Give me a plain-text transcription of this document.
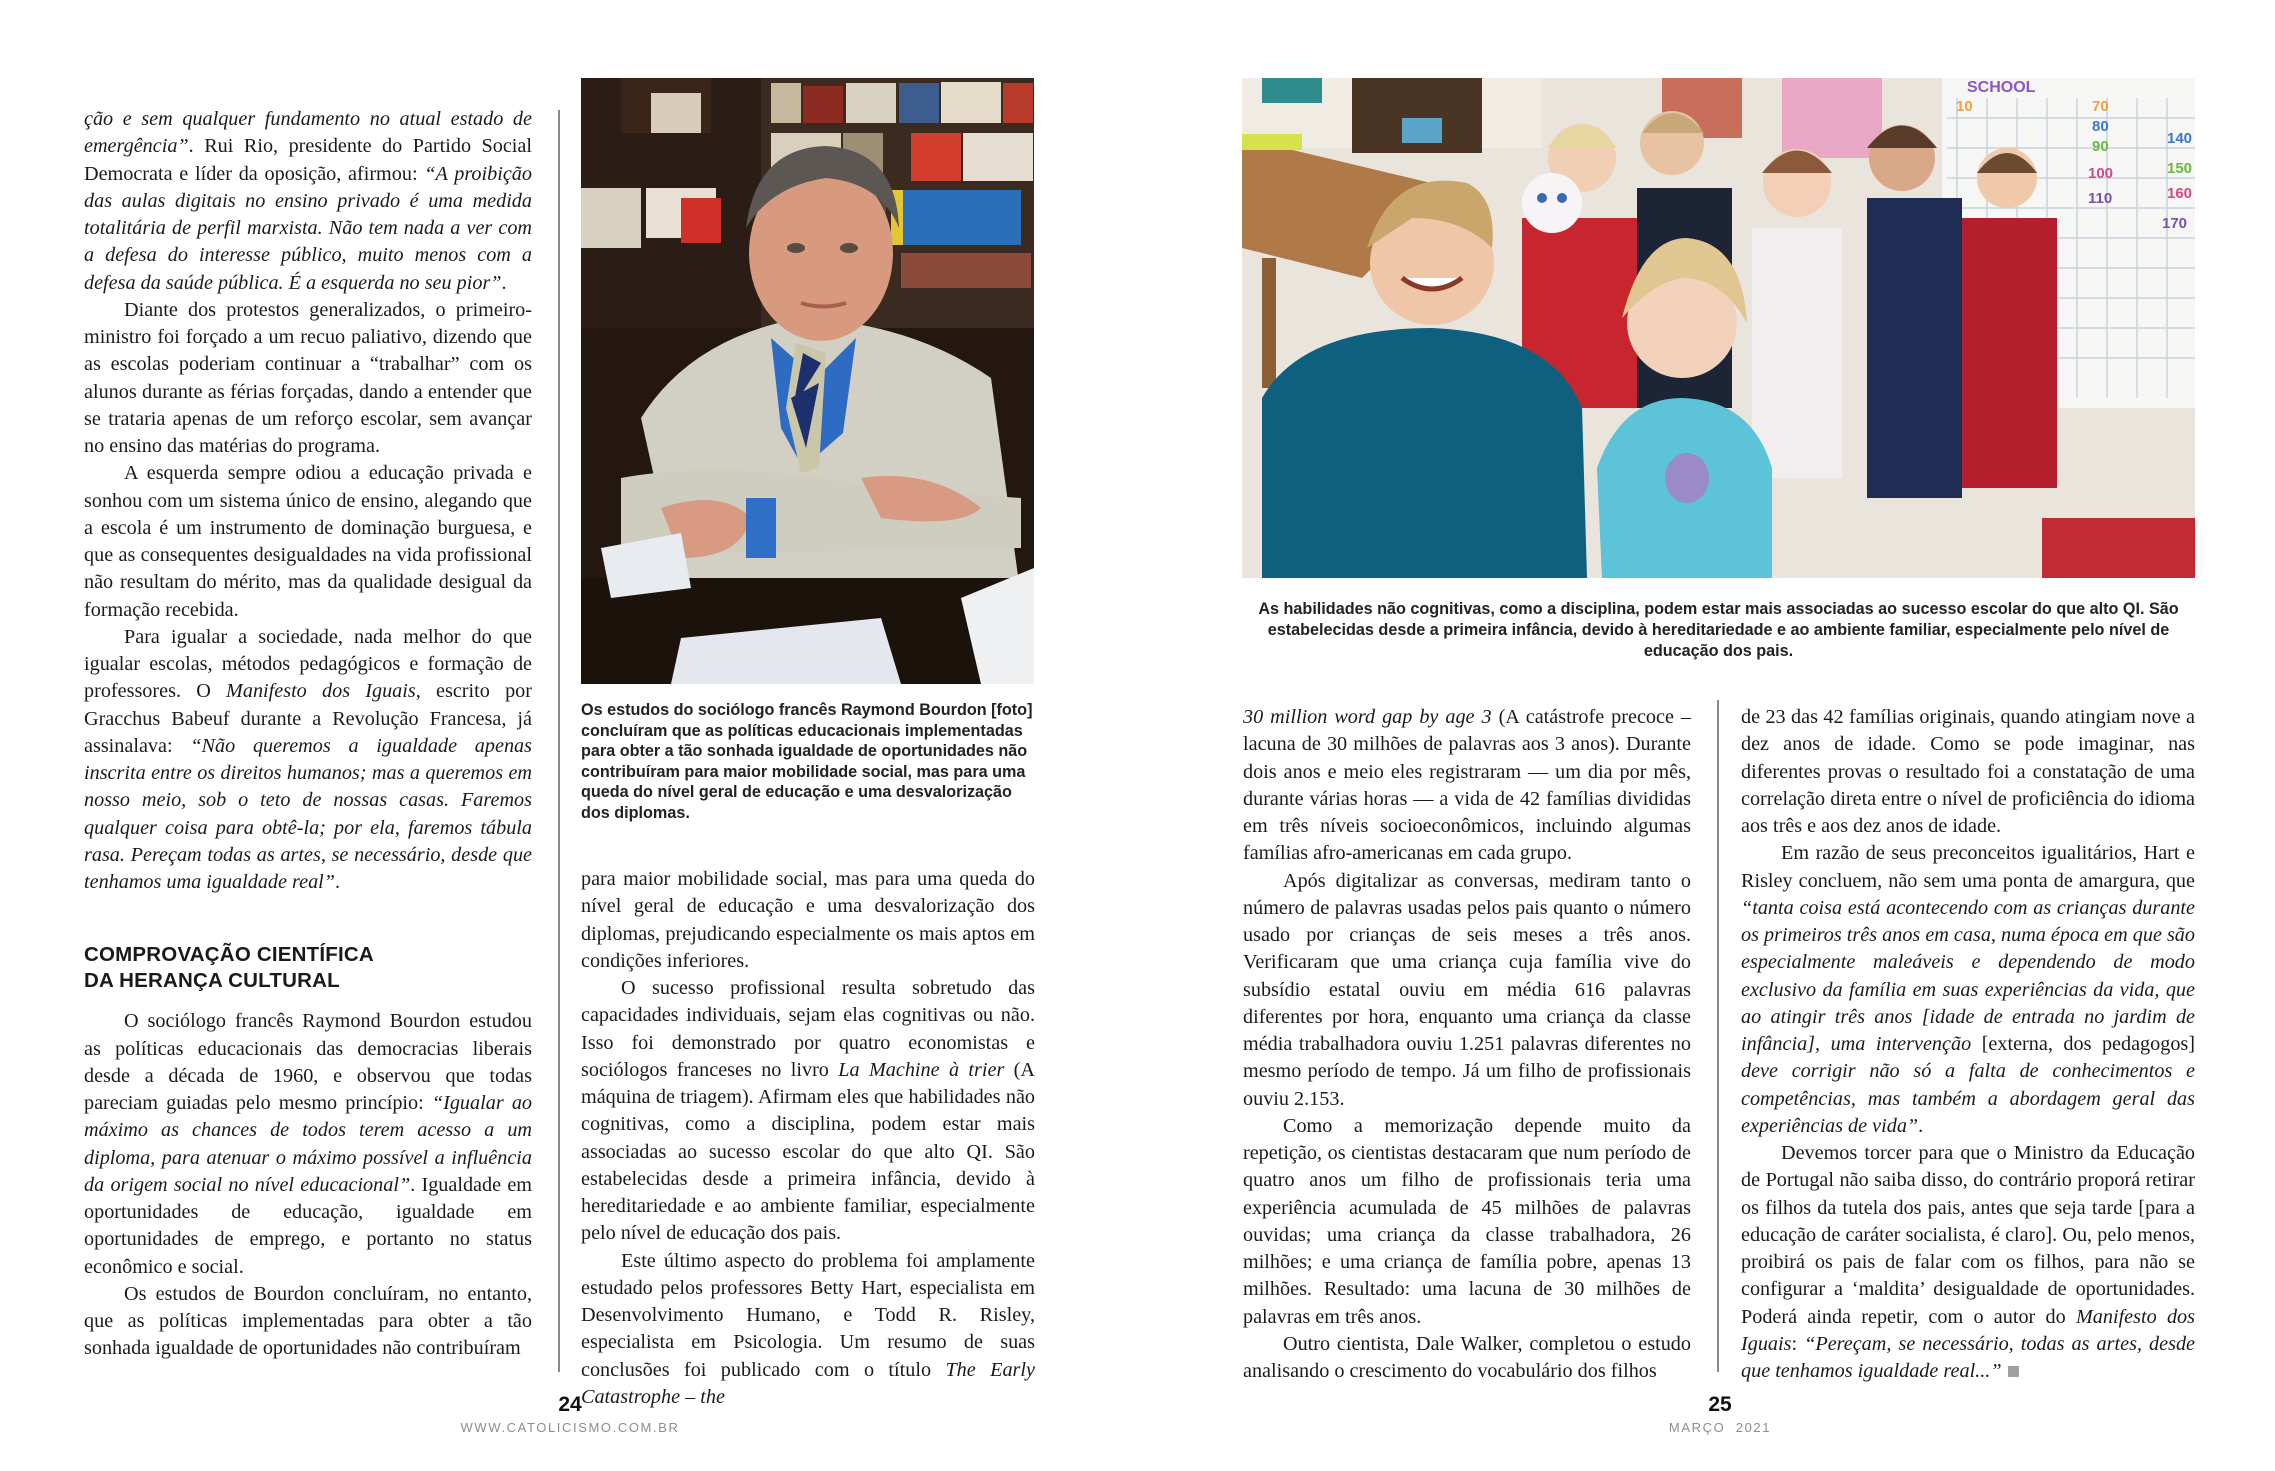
ção e sem qualquer fundamento no atual estado de emergência”. Rui Rio, presidente do Partido Social Democrata e líder da oposição, afirmou: “A proibição das aulas digitais no ensino privado é uma medida totalitária de perfil marxista. Não tem nada a ver com a defesa do interesse público, muito menos com a defesa da saúde pública. É a esquerda no seu pior”.

Diante dos protestos generalizados, o primeiro-ministro foi forçado a um recuo paliativo, dizendo que as escolas poderiam continuar a “trabalhar” com os alunos durante as férias forçadas, dando a entender que se trataria apenas de um reforço escolar, sem avançar no ensino das matérias do programa.

A esquerda sempre odiou a educação privada e sonhou com um sistema único de ensino, alegando que a escola é um instrumento de dominação burguesa, e que as consequentes desigualdades na vida profissional não resultam do mérito, mas da qualidade desigual da formação recebida.

Para igualar a sociedade, nada melhor do que igualar escolas, métodos pedagógicos e formação de professores. O Manifesto dos Iguais, escrito por Gracchus Babeuf durante a Revolução Francesa, já assinalava: “Não queremos a igualdade apenas inscrita entre os direitos humanos; mas a queremos em nosso meio, sob o teto de nossas casas. Faremos qualquer coisa para obtê-la; por ela, faremos tábula rasa. Pereçam todas as artes, se necessário, desde que tenhamos uma igualdade real”.

COMPROVAÇÃO CIENTÍFICA
DA HERANÇA CULTURAL

O sociólogo francês Raymond Bourdon estudou as políticas educacionais das democracias liberais desde a década de 1960, e observou que todas pareciam guiadas pelo mesmo princípio: “Igualar ao máximo as chances de todos terem acesso a um diploma, para atenuar o máximo possível a influência da origem social no nível educacional”. Igualdade em oportunidades de educação, igualdade em oportunidades de emprego, e portanto no status econômico e social.

Os estudos de Bourdon concluíram, no entanto, que as políticas implementadas para obter a tão sonhada igualdade de oportunidades não contribuíram

Os estudos do sociólogo francês Raymond Bourdon [foto] concluíram que as políticas educacionais implementadas para obter a tão sonhada igualdade de oportunidades não contribuíram para maior mobilidade social, mas para uma queda do nível geral de educação e uma desvalorização dos diplomas.

para maior mobilidade social, mas para uma queda do nível geral de educação e uma desvalorização dos diplomas, prejudicando especialmente os mais aptos em condições inferiores.

O sucesso profissional resulta sobretudo das capacidades individuais, sejam elas cognitivas ou não. Isso foi demonstrado por quatro economistas e sociólogos franceses no livro La Machine à trier (A máquina de triagem). Afirmam eles que habilidades não cognitivas, como a disciplina, podem estar mais associadas ao sucesso escolar do que alto QI. São estabelecidas desde a primeira infância, devido à hereditariedade e ao ambiente familiar, especialmente pelo nível de educação dos pais.

Este último aspecto do problema foi amplamente estudado pelos professores Betty Hart, especialista em Desenvolvimento Humano, e Todd R. Risley, especialista em Psicologia. Um resumo de suas conclusões foi publicado com o título The Early Catastrophe – the

24
WWW.CATOLICISMO.COM.BR
SCHOOL
10	70
80
90
100
110
140
150
160
170
As habilidades não cognitivas, como a disciplina, podem estar mais associadas ao sucesso escolar do que alto QI. São estabelecidas desde a primeira infância, devido à hereditariedade e ao ambiente familiar, especialmente pelo nível de educação dos pais.

30 million word gap by age 3 (A catástrofe precoce – lacuna de 30 milhões de palavras aos 3 anos). Durante dois anos e meio eles registraram — um dia por mês, durante várias horas — a vida de 42 famílias divididas em três níveis socioeconômicos, incluindo algumas famílias afro-americanas em cada grupo.

Após digitalizar as conversas, mediram tanto o número de palavras usadas pelos pais quanto o número usado por crianças de seis meses a três anos. Verificaram que uma criança cuja família vive do subsídio estatal ouviu em média 616 palavras diferentes por hora, enquanto uma criança da classe média trabalhadora ouviu 1.251 palavras diferentes no mesmo período de tempo. Já um filho de profissionais ouviu 2.153.

Como a memorização depende muito da repetição, os cientistas destacaram que num período de quatro anos um filho de profissionais teria uma experiência acumulada de 45 milhões de palavras ouvidas; uma criança da classe trabalhadora, 26 milhões; e uma criança de família pobre, apenas 13 milhões. Resultado: uma lacuna de 30 milhões de palavras em três anos.

Outro cientista, Dale Walker, completou o estudo analisando o crescimento do vocabulário dos filhos

de 23 das 42 famílias originais, quando atingiam nove a dez anos de idade. Como se pode imaginar, nas diferentes provas o resultado foi a constatação de uma correlação direta entre o nível de proficiência do idioma aos três e aos dez anos de idade.

Em razão de seus preconceitos igualitários, Hart e Risley concluem, não sem uma ponta de amargura, que “tanta coisa está acontecendo com as crianças durante os primeiros três anos em casa, numa época em que são especialmente maleáveis e dependendo de modo exclusivo da família em suas experiências da vida, que ao atingir três anos [idade de entrada no jardim de infância], uma intervenção [externa, dos pedagogos] deve corrigir não só a falta de conhecimentos e competências, mas também a abordagem geral das experiências de vida”.

Devemos torcer para que o Ministro da Educação de Portugal não saiba disso, do contrário proporá retirar os filhos da tutela dos pais, antes que seja tarde [para a educação de caráter socialista, é claro]. Ou, pelo menos, proibirá os pais de falar com os filhos, para não se configurar a ‘maldita’ desigualdade de oportunidades. Poderá ainda repetir, com o autor do Manifesto dos Iguais: “Pereçam, se necessário, todas as artes, desde que tenhamos igualdade real...”

25
MARÇO  2021
